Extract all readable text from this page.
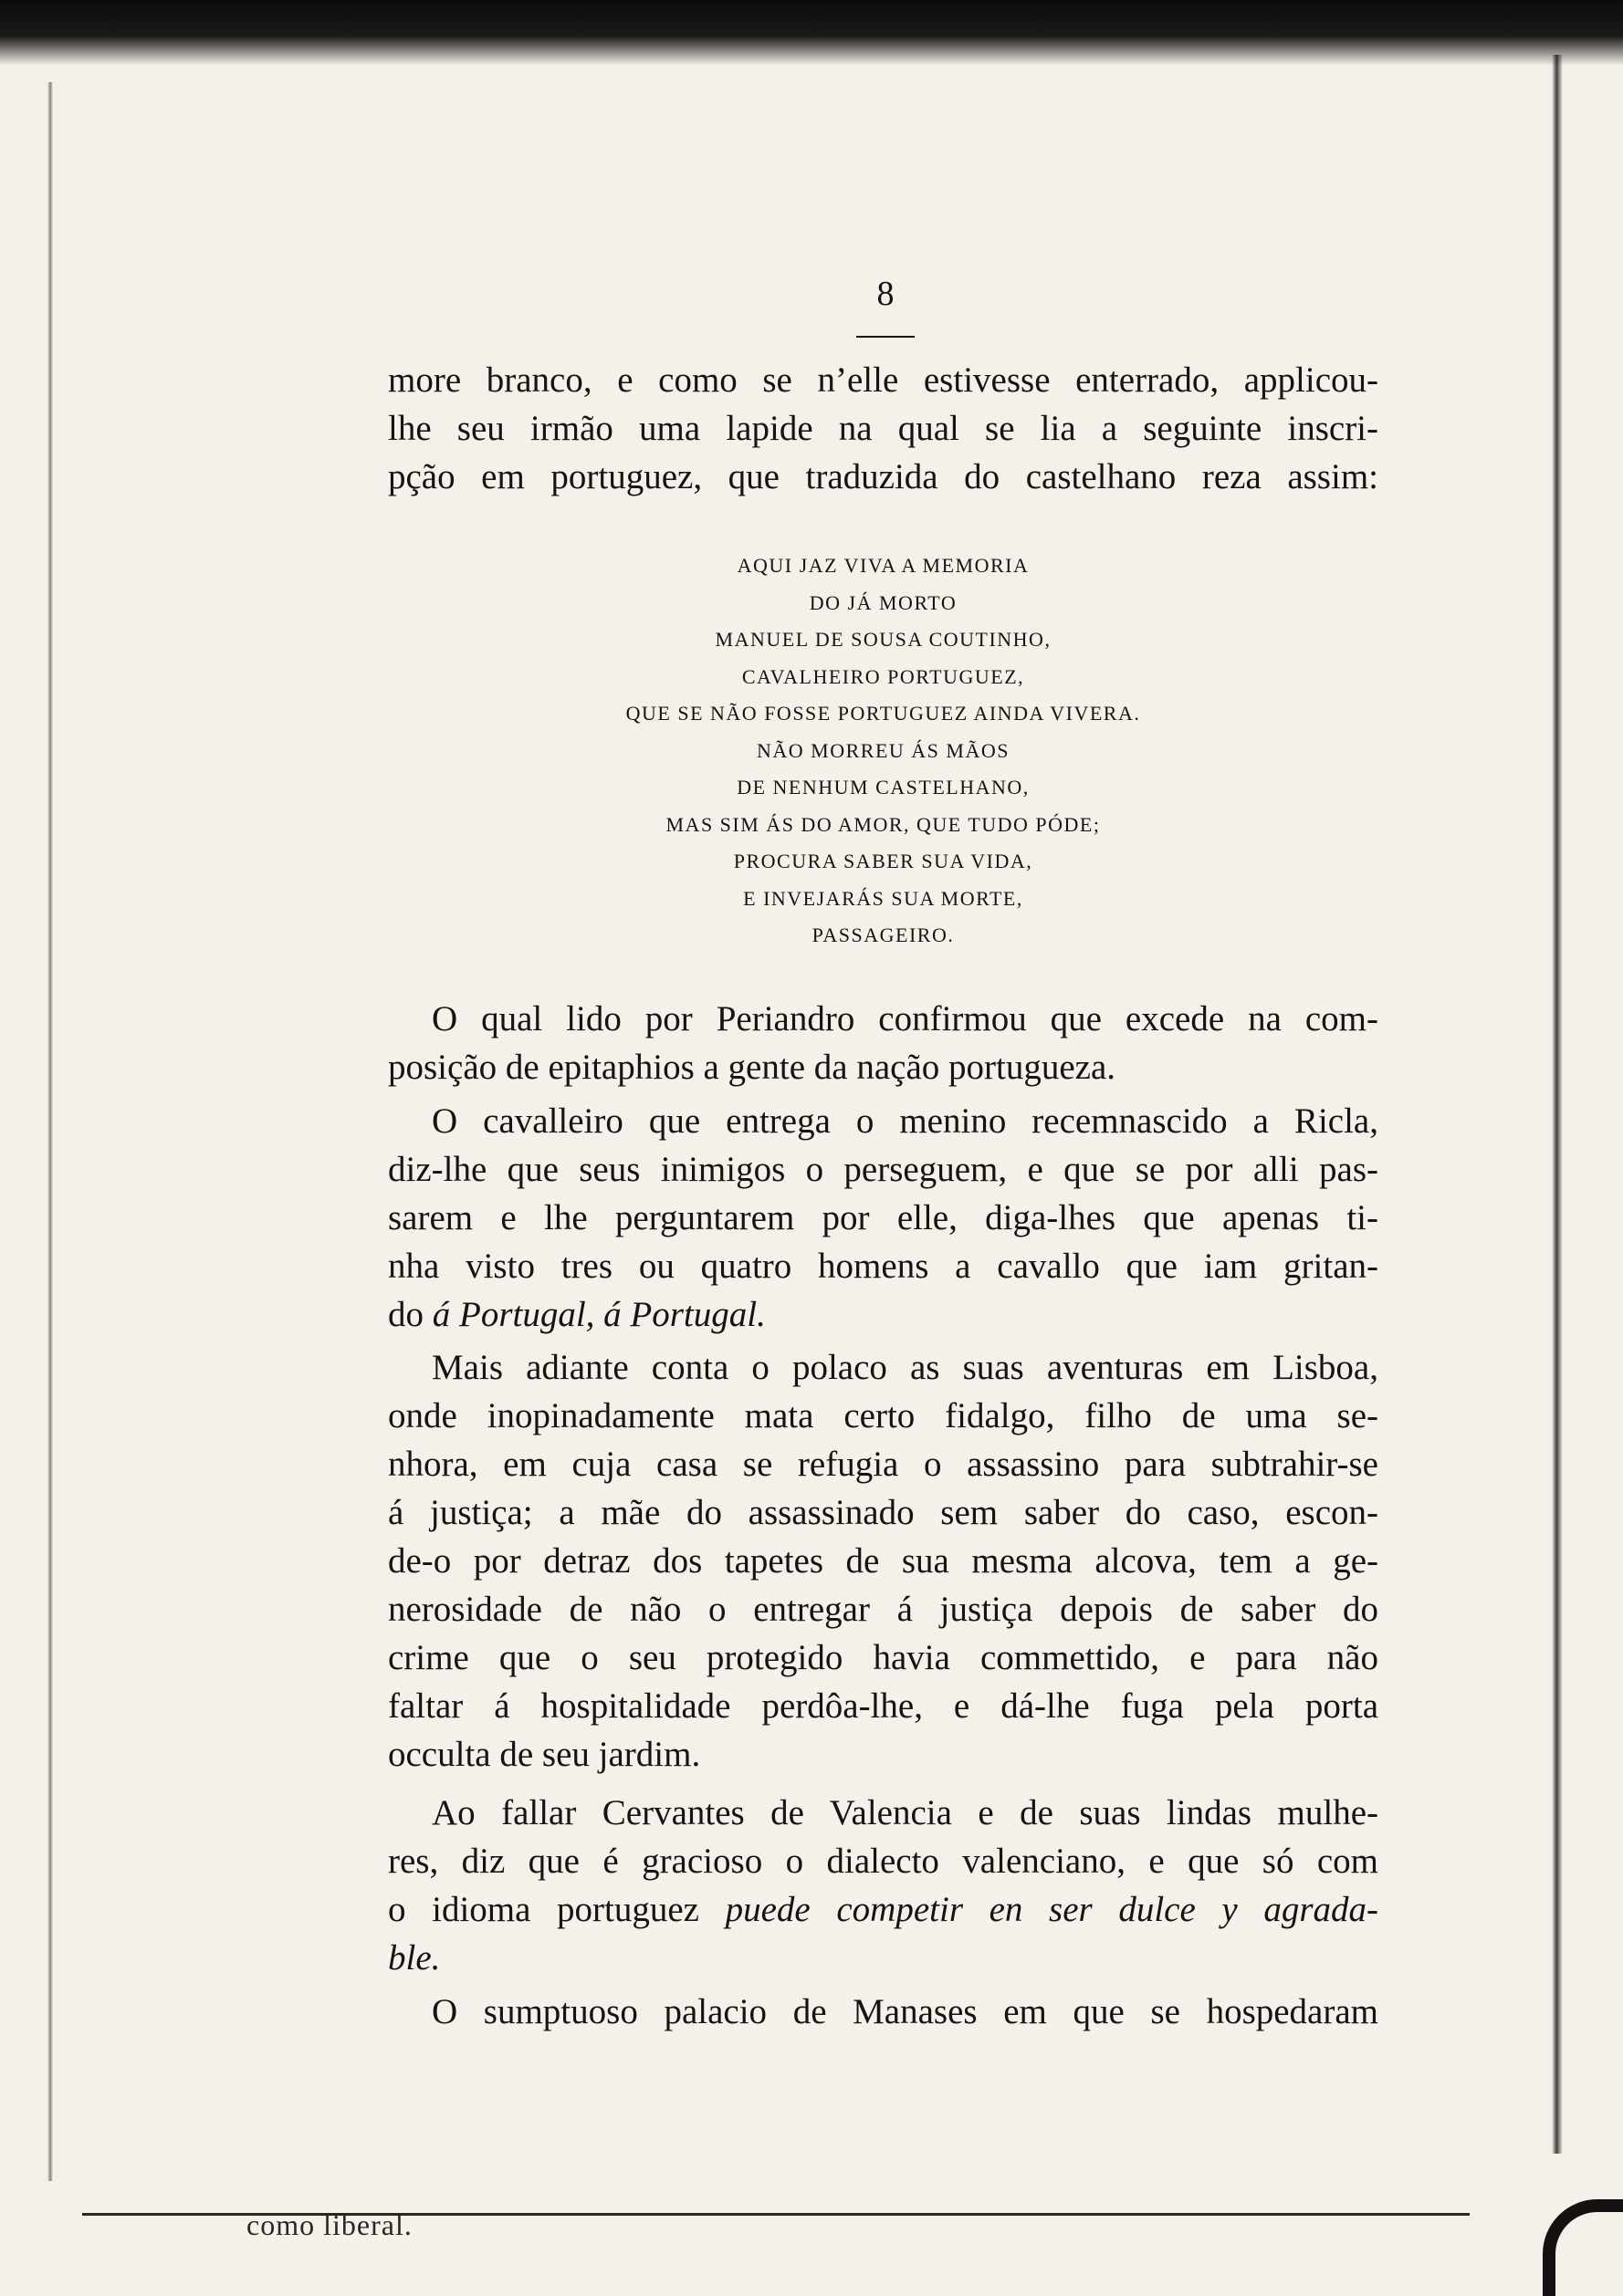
8
more branco, e como se n’elle estivesse enterrado, applicou-
lhe seu irmão uma lapide na qual se lia a seguinte inscri-
pção em portuguez, que traduzida do castelhano reza assim:
AQUI JAZ VIVA A MEMORIA
DO JÁ MORTO
MANUEL DE SOUSA COUTINHO,
CAVALHEIRO PORTUGUEZ,
QUE SE NÃO FOSSE PORTUGUEZ AINDA VIVERA.
NÃO MORREU ÁS MÃOS
DE NENHUM CASTELHANO,
MAS SIM ÁS DO AMOR, QUE TUDO PÓDE;
PROCURA SABER SUA VIDA,
E INVEJARÁS SUA MORTE,
PASSAGEIRO.
O qual lido por Periandro confirmou que excede na com-
posição de epitaphios a gente da nação portugueza.
O cavalleiro que entrega o menino recemnascido a Ricla,
diz-lhe que seus inimigos o perseguem, e que se por alli pas-
sarem e lhe perguntarem por elle, diga-lhes que apenas ti-
nha visto tres ou quatro homens a cavallo que iam gritan-
do á Portugal, á Portugal.
Mais adiante conta o polaco as suas aventuras em Lisboa,
onde inopinadamente mata certo fidalgo, filho de uma se-
nhora, em cuja casa se refugia o assassino para subtrahir-se
á justiça; a mãe do assassinado sem saber do caso, escon-
de-o por detraz dos tapetes de sua mesma alcova, tem a ge-
nerosidade de não o entregar á justiça depois de saber do
crime que o seu protegido havia commettido, e para não
faltar á hospitalidade perdôa-lhe, e dá-lhe fuga pela porta
occulta de seu jardim.
Ao fallar Cervantes de Valencia e de suas lindas mulhe-
res, diz que é gracioso o dialecto valenciano, e que só com
o idioma portuguez puede competir en ser dulce y agrada-
ble.
O sumptuoso palacio de Manases em que se hospedaram
como liberal.
